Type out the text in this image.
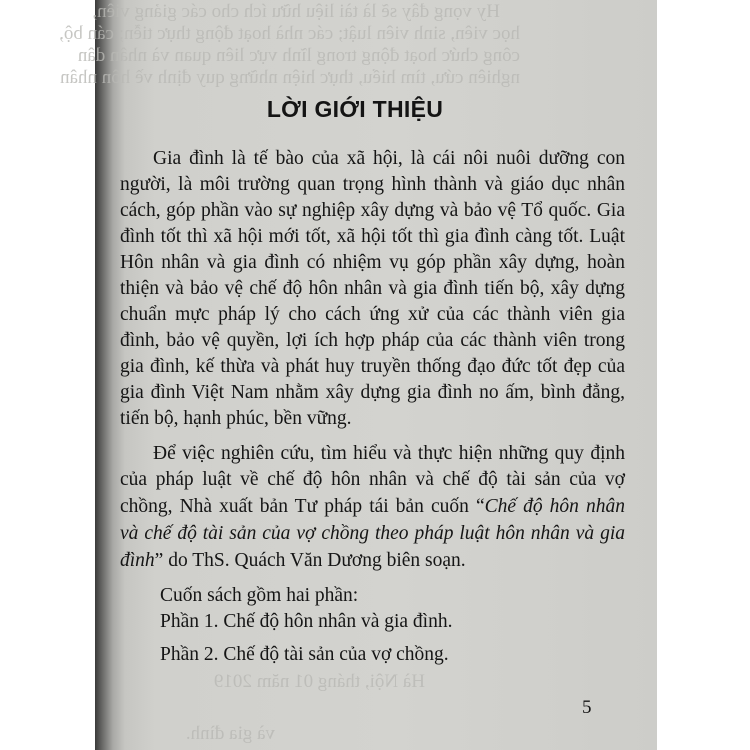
Hy vọng đây sẽ là tài liệu hữu ích cho các giảng viên,
học viên, sinh viên luật; các nhà hoạt động thực tiễn; cán bộ,
công chức hoạt động trong lĩnh vực liên quan và nhân dân
nghiên cứu, tìm hiểu, thực hiện những quy định về hôn nhân
và gia đình.
Hà Nội, tháng 01 năm 2019
LỜI GIỚI THIỆU
Gia đình là tế bào của xã hội, là cái nôi nuôi dưỡng con
người, là môi trường quan trọng hình thành và giáo dục nhân
cách, góp phần vào sự nghiệp xây dựng và bảo vệ Tổ quốc. Gia
đình tốt thì xã hội mới tốt, xã hội tốt thì gia đình càng tốt. Luật
Hôn nhân và gia đình có nhiệm vụ góp phần xây dựng, hoàn
thiện và bảo vệ chế độ hôn nhân và gia đình tiến bộ, xây dựng
chuẩn mực pháp lý cho cách ứng xử của các thành viên gia
đình, bảo vệ quyền, lợi ích hợp pháp của các thành viên trong
gia đình, kế thừa và phát huy truyền thống đạo đức tốt đẹp của
gia đình Việt Nam nhằm xây dựng gia đình no ấm, bình đẳng,
tiến bộ, hạnh phúc, bền vững.
Để việc nghiên cứu, tìm hiểu và thực hiện những quy định
của pháp luật về chế độ hôn nhân và chế độ tài sản của vợ
chồng, Nhà xuất bản Tư pháp tái bản cuốn “Chế độ hôn nhân
và chế độ tài sản của vợ chồng theo pháp luật hôn nhân và gia
đình” do ThS. Quách Văn Dương biên soạn.
Cuốn sách gồm hai phần:
Phần 1. Chế độ hôn nhân và gia đình.
Phần 2. Chế độ tài sản của vợ chồng.
5
